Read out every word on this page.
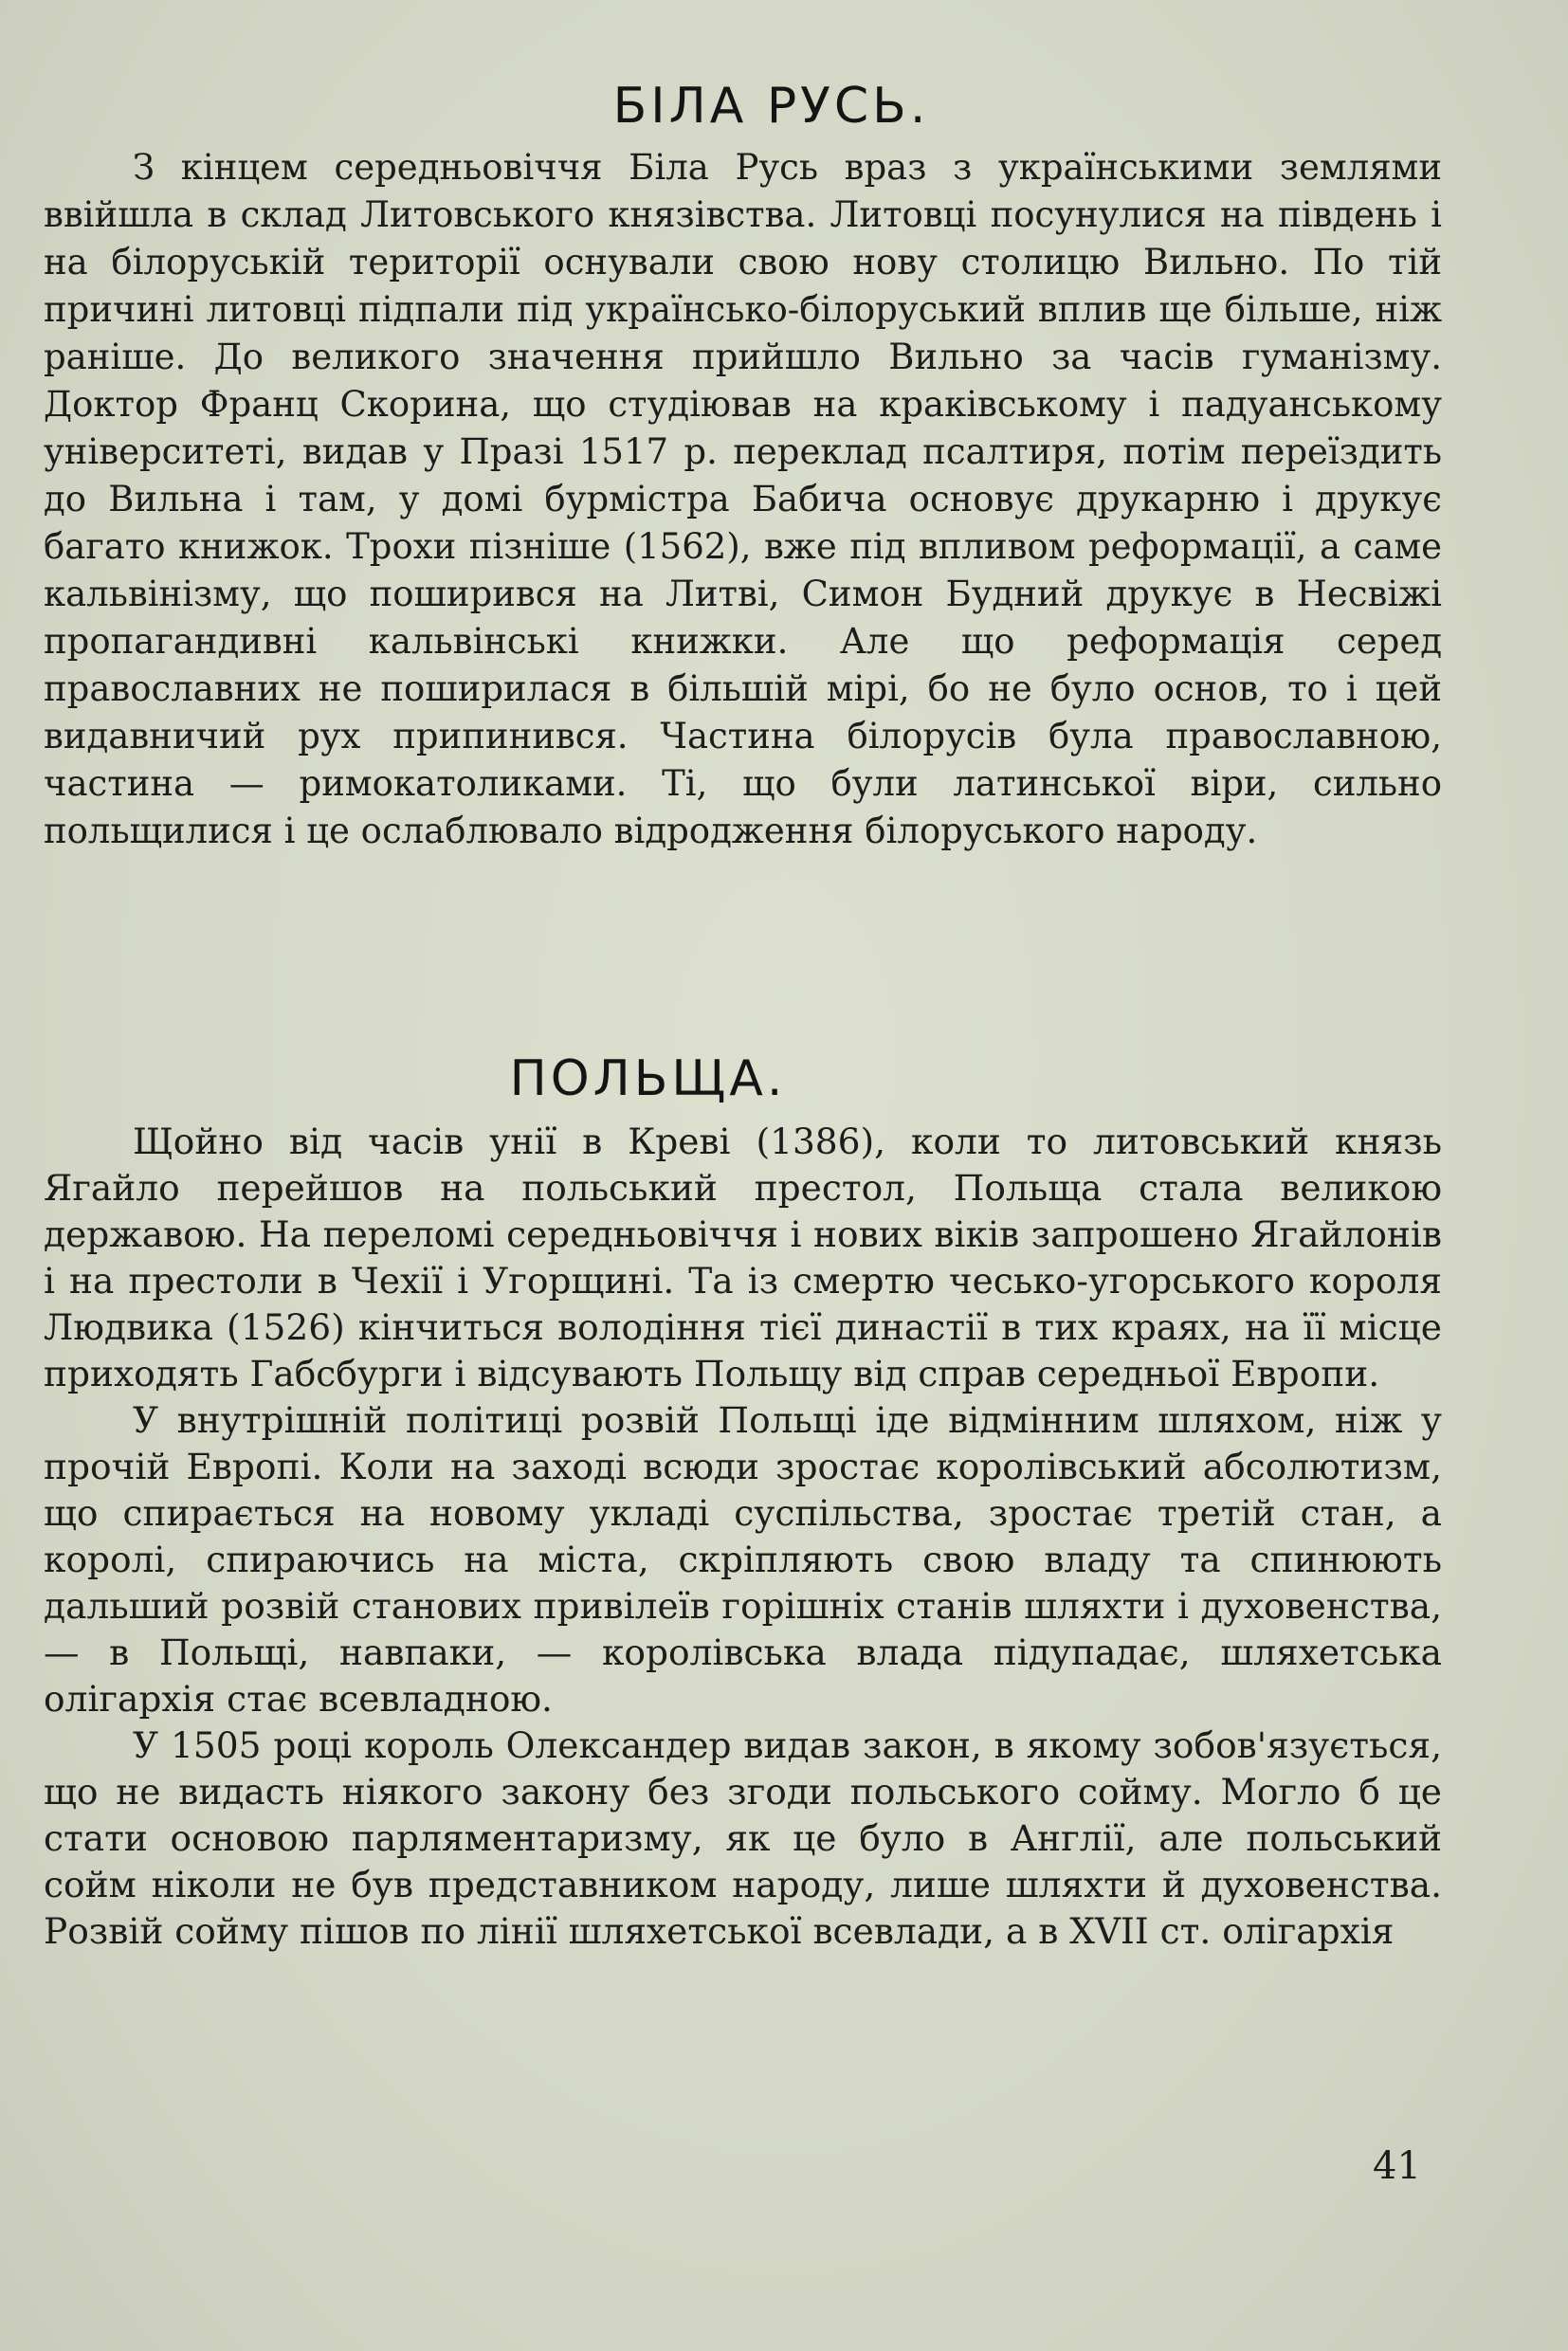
БІЛА РУСЬ.

З кінцем середньовіччя Біла Русь враз з українськими землями ввійшла в склад Литовського князівства. Литовці посунулися на південь і на білоруській території оснували свою нову столицю Вильно. По тій причині литовці підпали під українсько-білоруський вплив ще більше, ніж раніше. До великого значення прийшло Вильно за часів гуманізму. Доктор Франц Скорина, що студіював на краківському і падуанському університеті, видав у Празі 1517 р. переклад псалтиря, потім переїздить до Вильна і там, у домі бурмістра Бабича основує друкарню і друкує багато книжок. Трохи пізніше (1562), вже під впливом реформації, а саме кальвінізму, що поширився на Литві, Симон Будний друкує в Несвіжі пропагандивні кальвінські книжки. Але що реформація серед православних не поширилася в більшій мірі, бо не було основ, то і цей видавничий рух припинився. Частина білорусів була православною, частина — римокатоликами. Ті, що були латинської віри, сильно польщилися і це ослаблювало відродження білоруського народу.

ПОЛЬЩА.

Щойно від часів унії в Креві (1386), коли то литовський князь Ягайло перейшов на польський престол, Польща стала великою державою. На переломі середньовіччя і нових віків запрошено Ягайлонів і на престоли в Чехії і Угорщині. Та із смертю чесько-угорського короля Людвика (1526) кінчиться володіння тієї династії в тих краях, на її місце приходять Габсбурги і відсувають Польщу від справ середньої Европи.

У внутрішній політиці розвій Польщі іде відмінним шляхом, ніж у прочій Европі. Коли на заході всюди зростає королівський абсолютизм, що спирається на новому укладі суспільства, зростає третій стан, а королі, спираючись на міста, скріпляють свою владу та спинюють дальший розвій станових привілеїв горішніх станів шляхти і духовенства, — в Польщі, навпаки, — королівська влада підупадає, шляхетська олігархія стає всевладною.

У 1505 році король Олександер видав закон, в якому зобов'язується, що не видасть ніякого закону без згоди польського сойму. Могло б це стати основою парляментаризму, як це було в Англії, але польський сойм ніколи не був представником народу, лише шляхти й духовенства. Розвій сойму пішов по лінії шляхетської всевлади, а в XVII ст. олігархія

41
